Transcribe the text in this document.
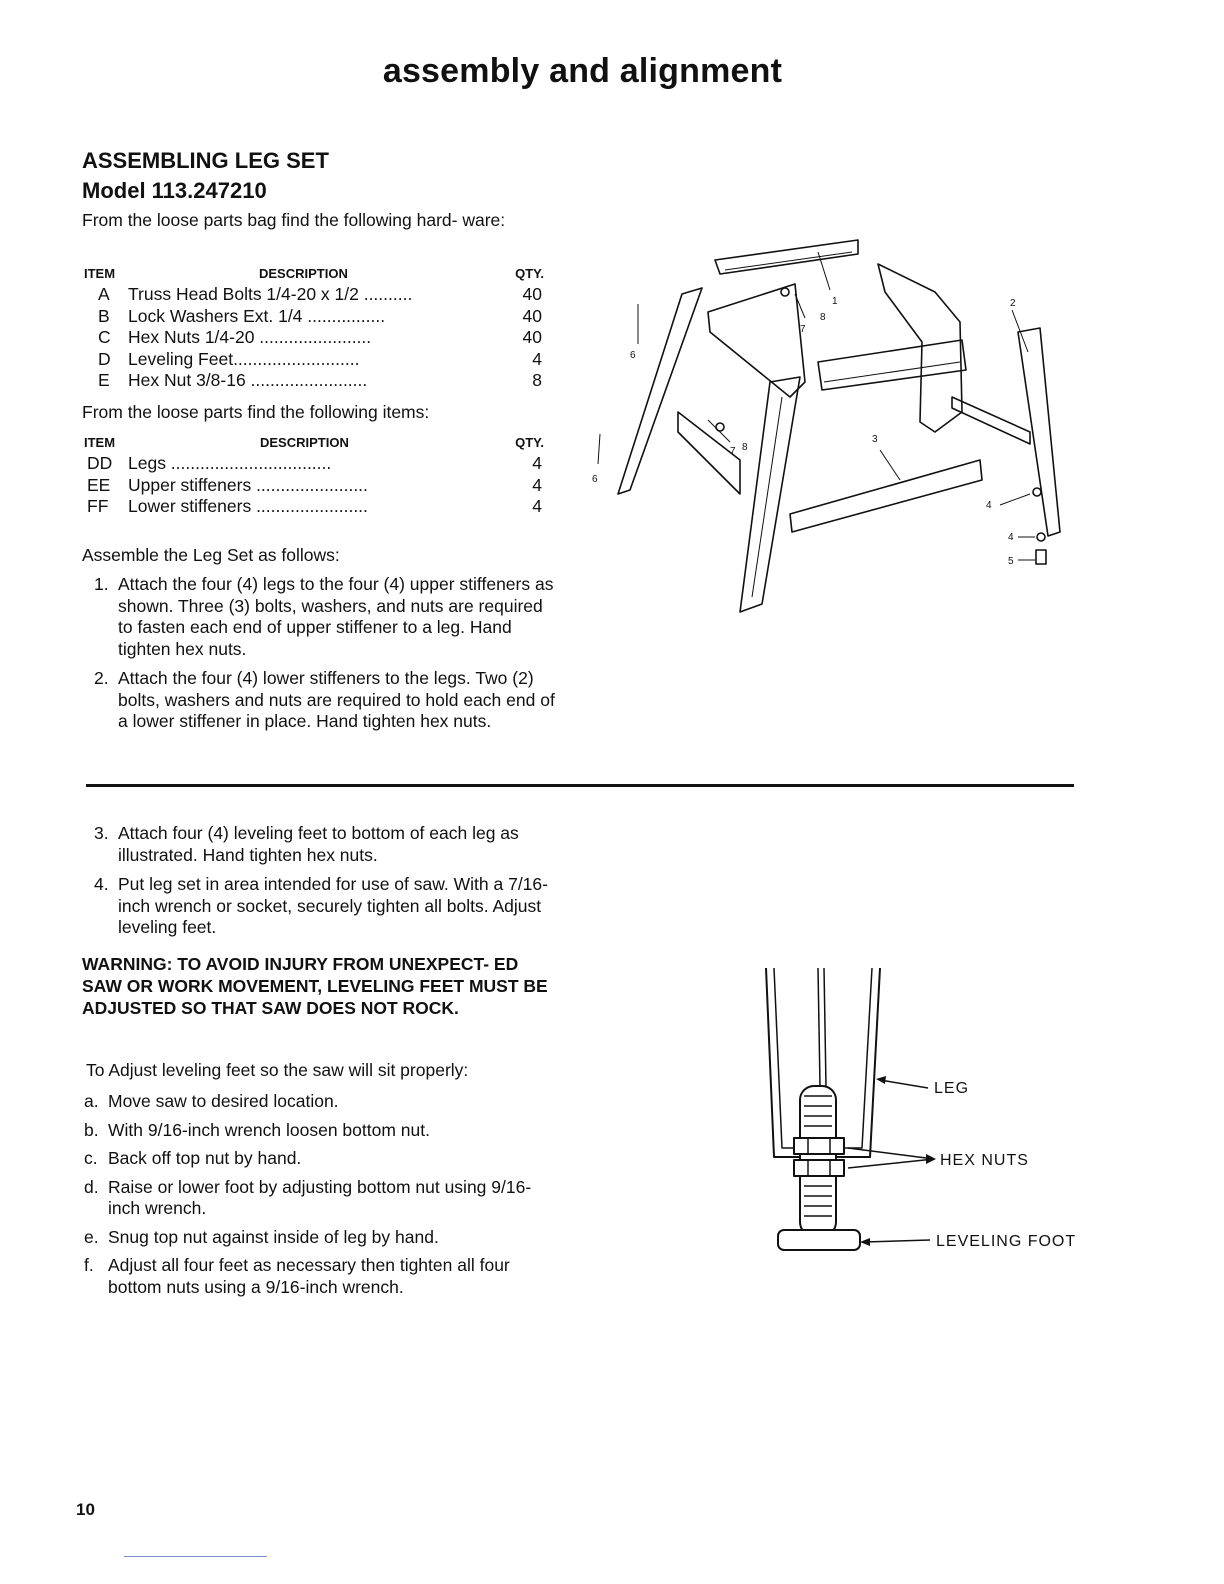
assembly and alignment
ASSEMBLING LEG SET
Model 113.247210
From the loose parts bag find the following hard- ware:
ITEM	DESCRIPTION	QTY.
A	Truss Head Bolts 1/4-20 x 1/2 ..........	40
B	Lock Washers Ext. 1/4 ................	40
C Hex Nuts 1/4-20 .......................	40
D Leveling Feet..........................	4
E	Hex Nut 3/8-16 ........................	8
From the loose parts find the following items:
ITEM	DESCRIPTION	QTY.
DD Legs .................................	4
EE	Upper stiffeners .......................	4
FF	Lower stiffeners .......................	4
Assemble the Leg Set as follows:
1. Attach the four (4) legs to the four (4) upper stiffeners as shown. Three (3) bolts, washers, and nuts are required to fasten each end of upper stiffener to a leg. Hand tighten hex nuts.
2. Attach the four (4) lower stiffeners to the legs. Two (2) bolts, washers and nuts are required to hold each end of a lower stiffener in place. Hand tighten hex nuts.
1	2
3
4
4
5
6
6
7
7
8
8
3. Attach four (4) leveling feet to bottom of each leg as illustrated. Hand tighten hex nuts.
4. Put leg set in area intended for use of saw. With a 7/16-inch wrench or socket, securely tighten all bolts. Adjust leveling feet.
WARNING: TO AVOID INJURY FROM UNEXPECT- ED SAW OR WORK MOVEMENT, LEVELING FEET MUST BE ADJUSTED SO THAT SAW DOES NOT ROCK.
To Adjust leveling feet so the saw will sit properly:
a. Move saw to desired location.
b. With 9/16-inch wrench loosen bottom nut.
c. Back off top nut by hand.
d. Raise or lower foot by adjusting bottom nut using 9/16-inch wrench.
e. Snug top nut against inside of leg by hand.
f. Adjust all four feet as necessary then tighten all four bottom nuts using a 9/16-inch wrench.
LEG
HEX NUTS
LEVELING FOOT
10
